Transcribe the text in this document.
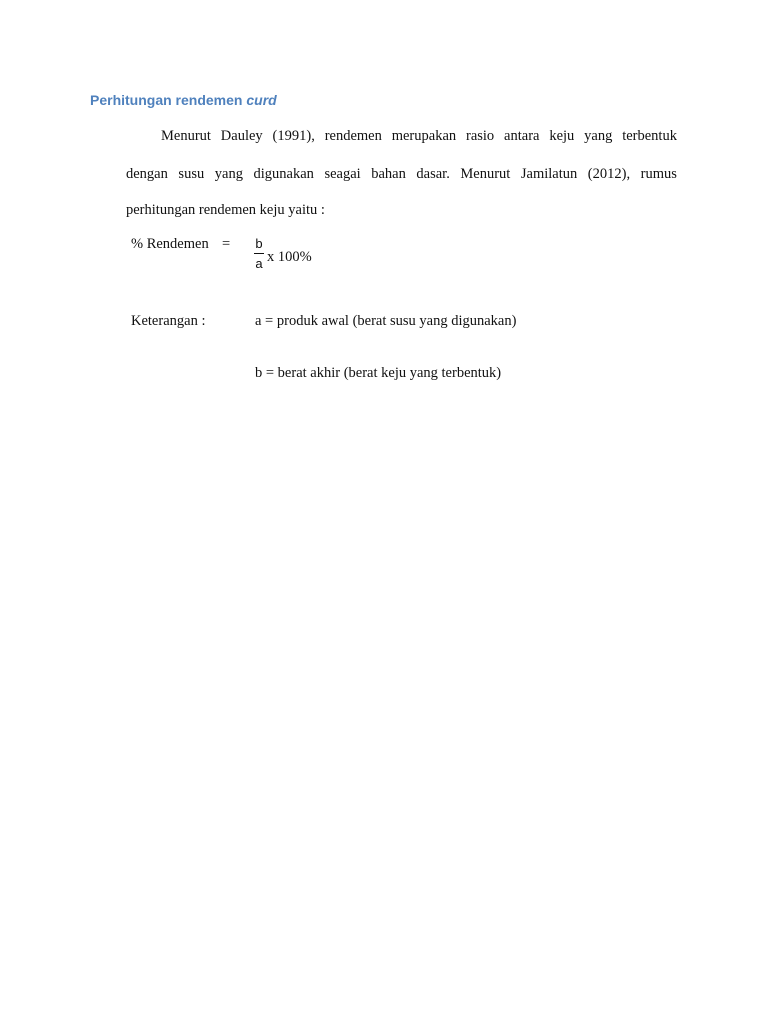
Perhitungan rendemen curd
Menurut Dauley (1991), rendemen merupakan rasio antara keju yang terbentuk
dengan susu yang digunakan seagai bahan dasar. Menurut Jamilatun (2012), rumus
perhitungan rendemen keju yaitu :
% Rendemen = b
a x 100%
Keterangan :	a = produk awal (berat susu yang digunakan)
b = berat akhir (berat keju yang terbentuk)
